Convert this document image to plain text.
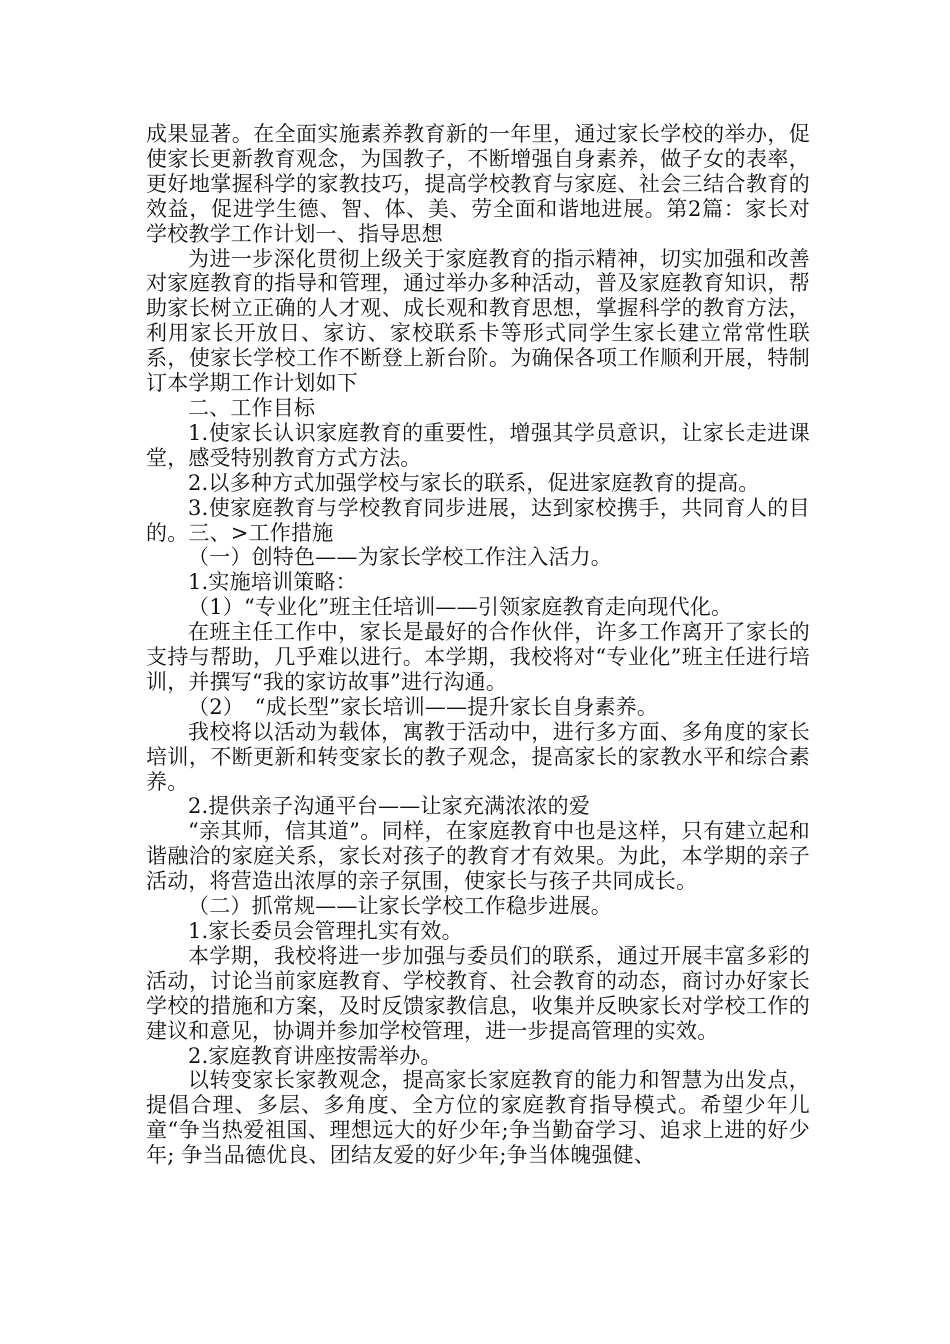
成果显著。在全面实施素养教育新的一年里，通过家长学校的举办，促使家长更新教育观念，为国教子，不断增强自身素养，做子女的表率，更好地掌握科学的家教技巧，提高学校教育与家庭、社会三结合教育的效益，促进学生德、智、体、美、劳全面和谐地进展。第2篇：家长对学校教学工作计划一、指导思想

为进一步深化贯彻上级关于家庭教育的指示精神，切实加强和改善对家庭教育的指导和管理，通过举办多种活动，普及家庭教育知识，帮助家长树立正确的人才观、成长观和教育思想，掌握科学的教育方法，利用家长开放日、家访、家校联系卡等形式同学生家长建立常常性联系，使家长学校工作不断登上新台阶。为确保各项工作顺利开展，特制订本学期工作计划如下

二、工作目标

1.使家长认识家庭教育的重要性，增强其学员意识，让家长走进课堂，感受特别教育方式方法。

2.以多种方式加强学校与家长的联系，促进家庭教育的提高。

3.使家庭教育与学校教育同步进展，达到家校携手，共同育人的目的。三、>工作措施

（一）创特色——为家长学校工作注入活力。

1.实施培训策略：

（1）“专业化”班主任培训——引领家庭教育走向现代化。

在班主任工作中，家长是最好的合作伙伴，许多工作离开了家长的支持与帮助，几乎难以进行。本学期，我校将对“专业化”班主任进行培训，并撰写“我的家访故事”进行沟通。

（2）　“成长型”家长培训——提升家长自身素养。

我校将以活动为载体，寓教于活动中，进行多方面、多角度的家长培训，不断更新和转变家长的教子观念，提高家长的家教水平和综合素养。

2.提供亲子沟通平台——让家充满浓浓的爱

“亲其师，信其道”。同样，在家庭教育中也是这样，只有建立起和谐融洽的家庭关系，家长对孩子的教育才有效果。为此，本学期的亲子活动，将营造出浓厚的亲子氛围，使家长与孩子共同成长。

（二）抓常规——让家长学校工作稳步进展。

1.家长委员会管理扎实有效。

本学期，我校将进一步加强与委员们的联系，通过开展丰富多彩的活动，讨论当前家庭教育、学校教育、社会教育的动态，商讨办好家长学校的措施和方案，及时反馈家教信息，收集并反映家长对学校工作的建议和意见，协调并参加学校管理，进一步提高管理的实效。

2.家庭教育讲座按需举办。

以转变家长家教观念，提高家长家庭教育的能力和智慧为出发点，提倡合理、多层、多角度、全方位的家庭教育指导模式。希望少年儿童“争当热爱祖国、理想远大的好少年;争当勤奋学习、追求上进的好少年; 争当品德优良、团结友爱的好少年;争当体魄强健、
